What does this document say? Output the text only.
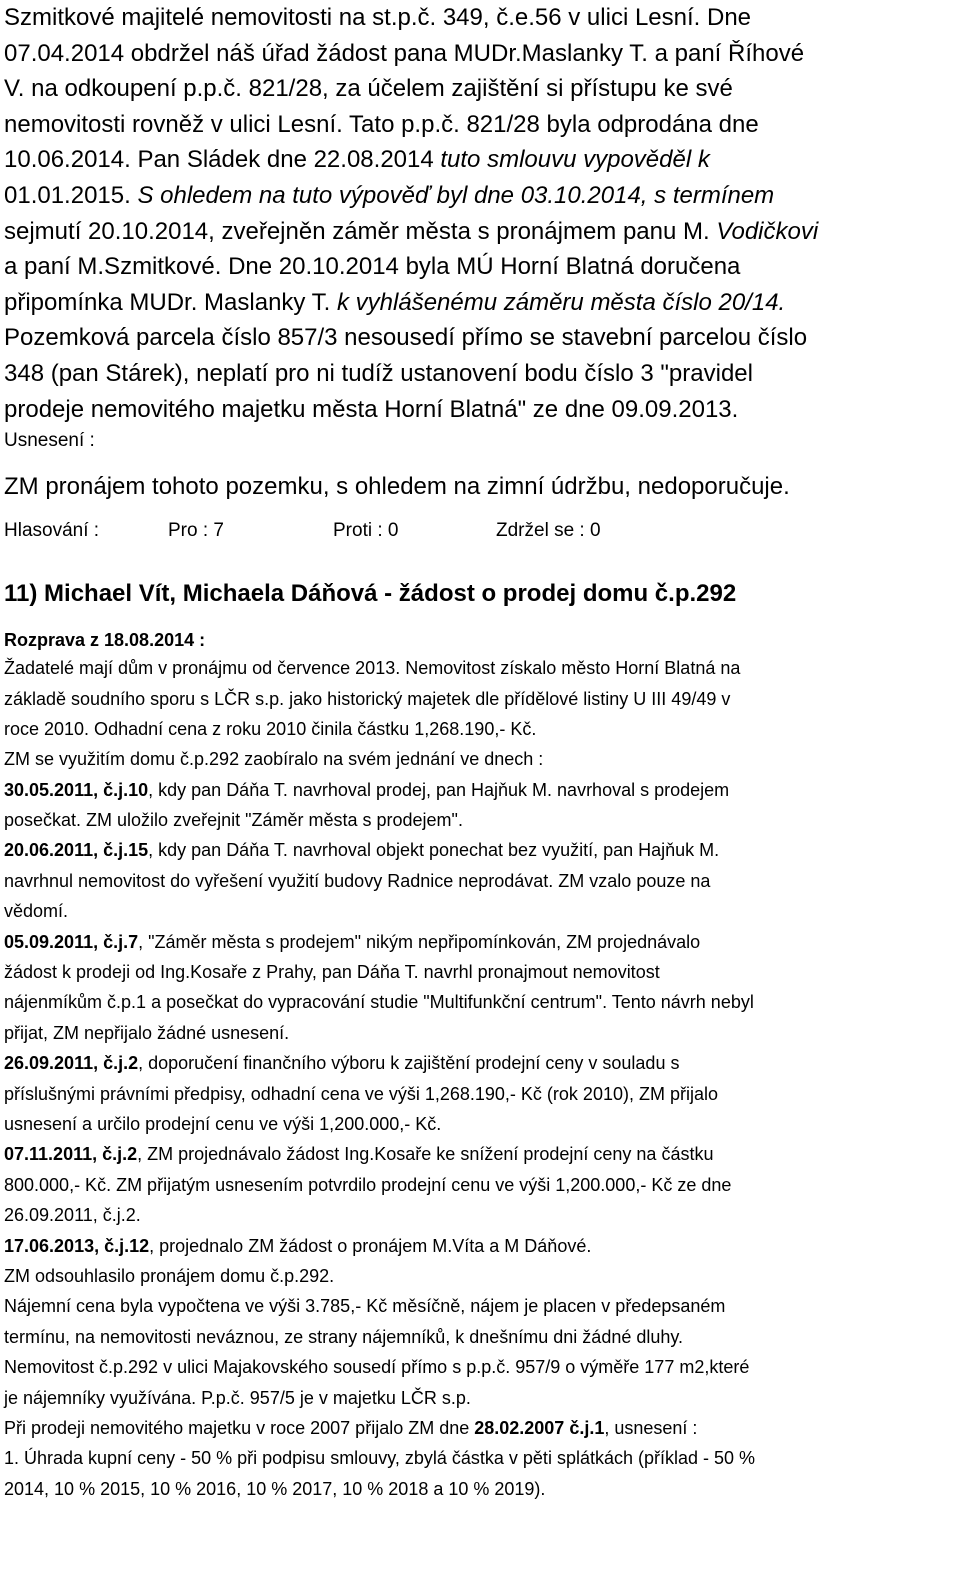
Szmitkové majitelé nemovitosti na st.p.č. 349, č.e.56 v ulici Lesní. Dne
07.04.2014 obdržel náš úřad žádost pana MUDr.Maslanky T. a paní Říhové
V. na odkoupení p.p.č. 821/28, za účelem zajištění si přístupu ke své
nemovitosti rovněž v ulici Lesní. Tato p.p.č. 821/28 byla odprodána dne
10.06.2014. Pan Sládek dne 22.08.2014 tuto smlouvu vypověděl k
01.01.2015. S ohledem na tuto výpověď byl dne 03.10.2014, s termínem
sejmutí 20.10.2014, zveřejněn záměr města s pronájmem panu M. Vodičkovi
a paní M.Szmitkové. Dne 20.10.2014 byla MÚ Horní Blatná doručena
připomínka MUDr. Maslanky T. k vyhlášenému záměru města číslo 20/14.
Pozemková parcela číslo 857/3 nesousedí přímo se stavební parcelou číslo
348 (pan Stárek), neplatí pro ni tudíž ustanovení bodu číslo 3 "pravidel
prodeje nemovitého majetku města Horní Blatná" ze dne 09.09.2013.
Usnesení :
ZM pronájem tohoto pozemku, s ohledem na zimní údržbu, nedoporučuje.
Hlasování :	Pro : 7	Proti : 0	Zdržel se : 0
11) Michael Vít, Michaela Dáňová - žádost o prodej domu č.p.292
Rozprava z 18.08.2014 :
Žadatelé mají dům v pronájmu od července 2013. Nemovitost získalo město Horní Blatná na
základě soudního sporu s LČR s.p. jako historický majetek dle přídělové listiny U III 49/49 v
roce 2010. Odhadní cena z roku 2010 činila částku 1,268.190,- Kč.
ZM se využitím domu č.p.292 zaobíralo na svém jednání ve dnech :
30.05.2011, č.j.10, kdy pan Dáňa T. navrhoval prodej, pan Hajňuk M. navrhoval s prodejem
posečkat. ZM uložilo zveřejnit "Záměr města s prodejem".
20.06.2011, č.j.15, kdy pan Dáňa T. navrhoval objekt ponechat bez využití, pan Hajňuk M.
navrhnul nemovitost do vyřešení využití budovy Radnice neprodávat. ZM vzalo pouze na
vědomí.
05.09.2011, č.j.7, "Záměr města s prodejem" nikým nepřipomínkován, ZM projednávalo
žádost k prodeji od Ing.Kosaře z Prahy, pan Dáňa T. navrhl pronajmout nemovitost
nájenmíkům č.p.1 a posečkat do vypracování studie "Multifunkční centrum". Tento návrh nebyl
přijat, ZM nepřijalo žádné usnesení.
26.09.2011, č.j.2, doporučení finančního výboru k zajištění prodejní ceny v souladu s
příslušnými právními předpisy, odhadní cena ve výši 1,268.190,- Kč (rok 2010), ZM přijalo
usnesení a určilo prodejní cenu ve výši 1,200.000,- Kč.
07.11.2011, č.j.2, ZM projednávalo žádost Ing.Kosaře ke snížení prodejní ceny na částku
800.000,- Kč. ZM přijatým usnesením potvrdilo prodejní cenu ve výši 1,200.000,- Kč ze dne
26.09.2011, č.j.2.
17.06.2013, č.j.12, projednalo ZM žádost o pronájem M.Víta a M Dáňové.
ZM odsouhlasilo pronájem domu č.p.292.
Nájemní cena byla vypočtena ve výši 3.785,- Kč měsíčně, nájem je placen v předepsaném
termínu, na nemovitosti neváznou, ze strany nájemníků, k dnešnímu dni žádné dluhy.
Nemovitost č.p.292 v ulici Majakovského sousedí přímo s p.p.č. 957/9 o výměře 177 m2,které
je nájemníky využívána. P.p.č. 957/5 je v majetku LČR s.p.
Při prodeji nemovitého majetku v roce 2007 přijalo ZM dne 28.02.2007 č.j.1, usnesení :
1. Úhrada kupní ceny - 50 % při podpisu smlouvy, zbylá částka v pěti splátkách (příklad - 50 %
2014, 10 % 2015, 10 % 2016, 10 % 2017, 10 % 2018 a 10 % 2019).
